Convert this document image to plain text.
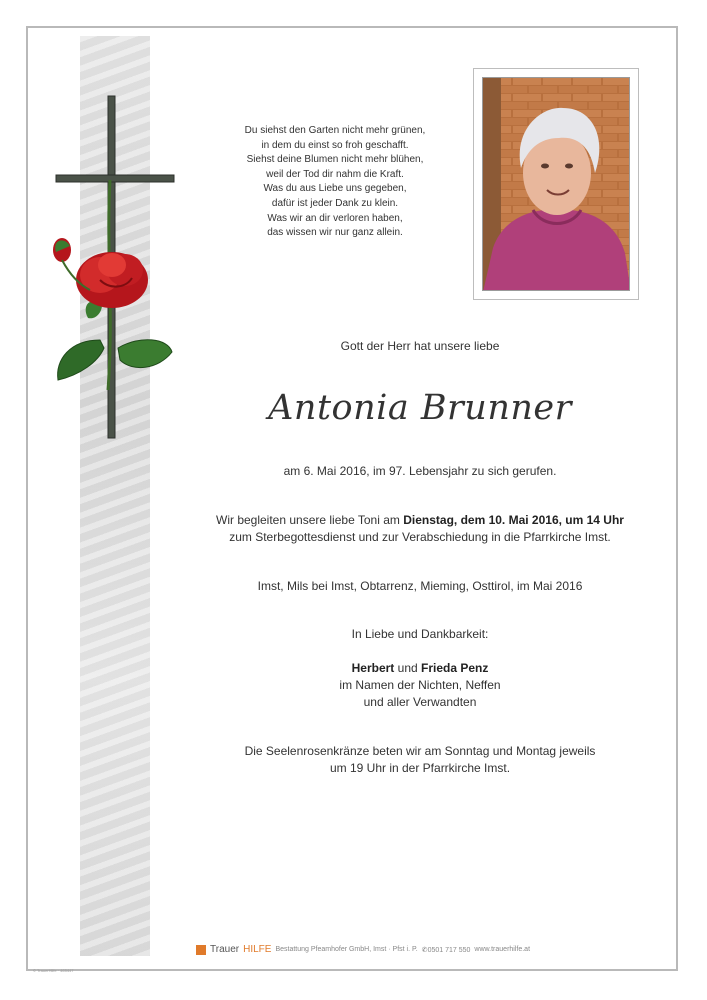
Du siehst den Garten nicht mehr grünen,
in dem du einst so froh geschafft.
Siehst deine Blumen nicht mehr blühen,
weil der Tod dir nahm die Kraft.
Was du aus Liebe uns gegeben,
dafür ist jeder Dank zu klein.
Was wir an dir verloren haben,
das wissen wir nur ganz allein.
Gott der Herr hat unsere liebe
Antonia Brunner
am 6. Mai 2016, im 97. Lebensjahr zu sich gerufen.
Wir begleiten unsere liebe Toni am Dienstag, dem 10. Mai 2016, um 14 Uhr
zum Sterbegottesdienst und zur Verabschiedung in die Pfarrkirche Imst.
Imst, Mils bei Imst, Obtarrenz, Mieming, Osttirol, im Mai 2016
In Liebe und Dankbarkeit:
Herbert und Frieda Penz
im Namen der Nichten, Neffen
und aller Verwandten
Die Seelenrosenkränze beten wir am Sonntag und Montag jeweils
um 19 Uhr in der Pfarrkirche Imst.
Trauer HILFE Bestattung Pfeamhofer GmbH, Imst · Pfst i. P. ✆0501 717 550 www.trauerhilfe.at
© TrauerHilfe · 465447
